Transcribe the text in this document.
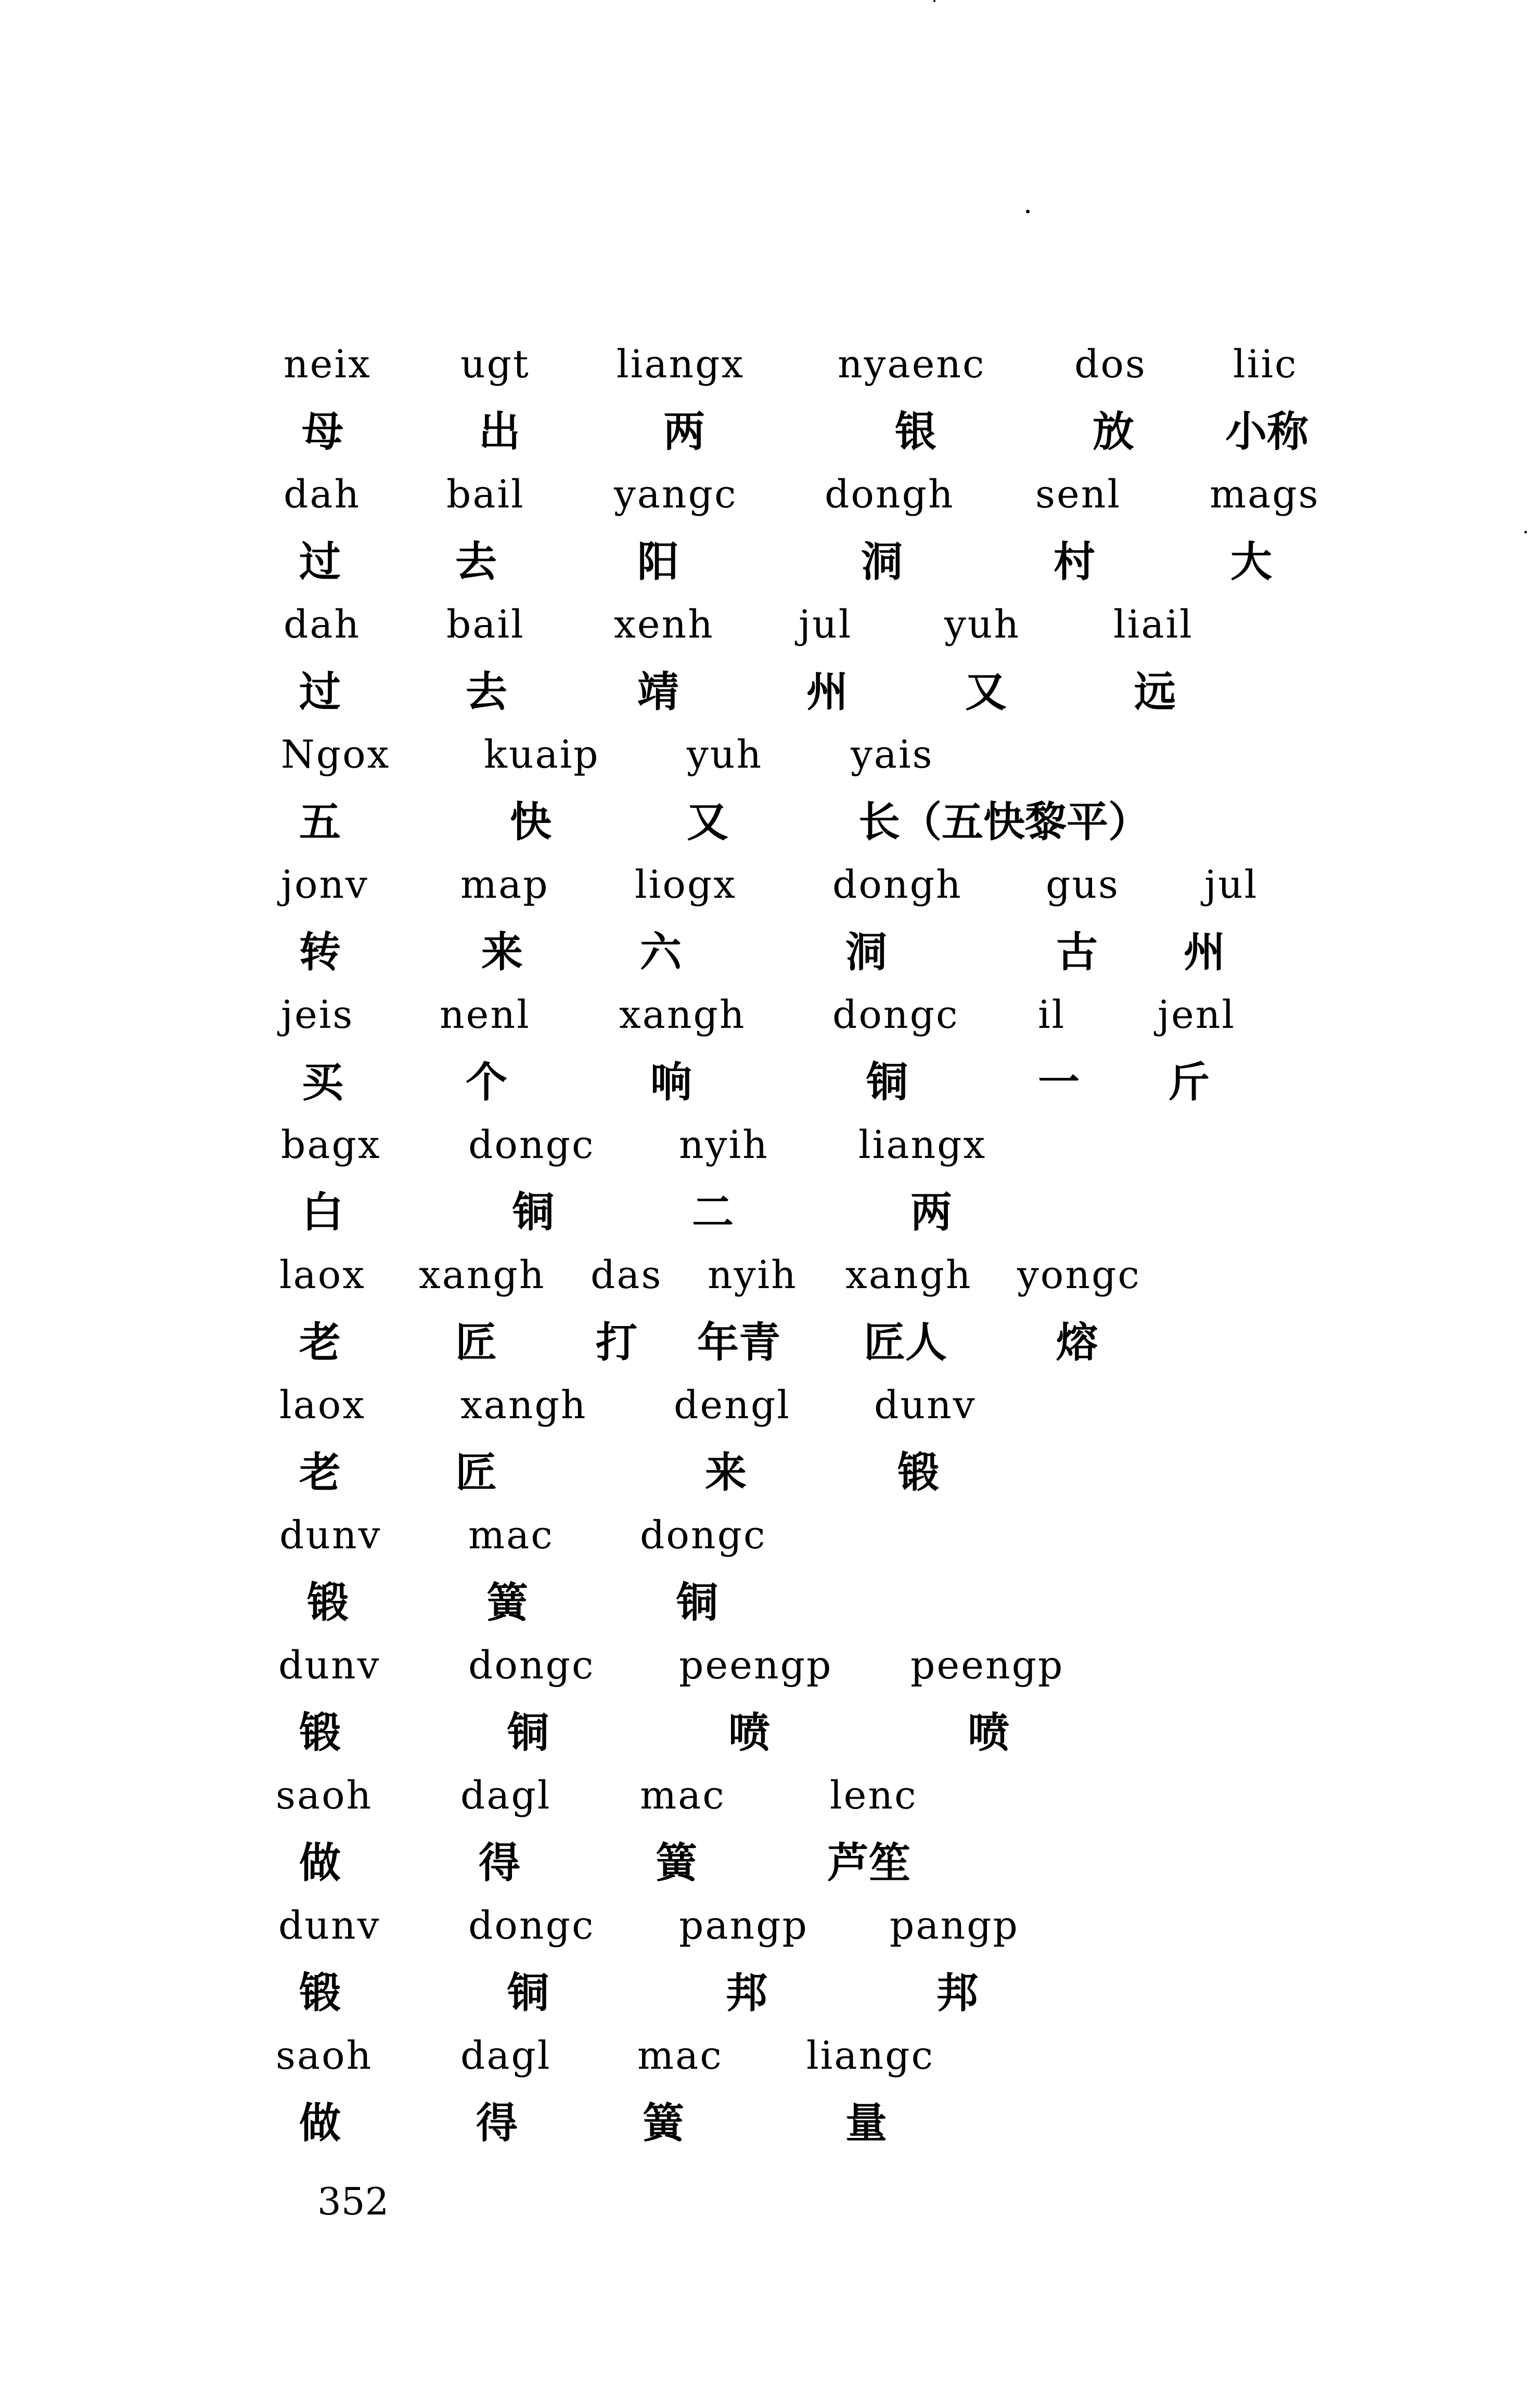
352
neix ugt liangx nyaenc dos liic
母	出	两	银	放 小称
dah bail yangc dongh senl mags
过	去	阳	洞	村	大
dah bail xenh jul yuh liail
过	去	靖	州	又	远
Ngox kuaip yuh yais
五	快	又	长（五快黎平）
jonv map liogx dongh gus jul
转	来	六	洞	古 州
jeis nenl xangh dongc il jenl
买	个	响	铜	一 斤
bagx dongc nyih liangx
白	铜	二	两
laox xangh das nyih xangh yongc
老	匠 打 年青 匠人	熔
laox xangh dengl dunv
老	匠	来	锻
dunv mac dongc
锻	簧	铜
dunv dongc peengp peengp
锻	铜	喷	喷
saoh dagl mac	lenc
做	得	簧	芦笙
dunv dongc pangp pangp
锻	铜	邦	邦
saoh dagl mac liangc
做	得	簧	量
